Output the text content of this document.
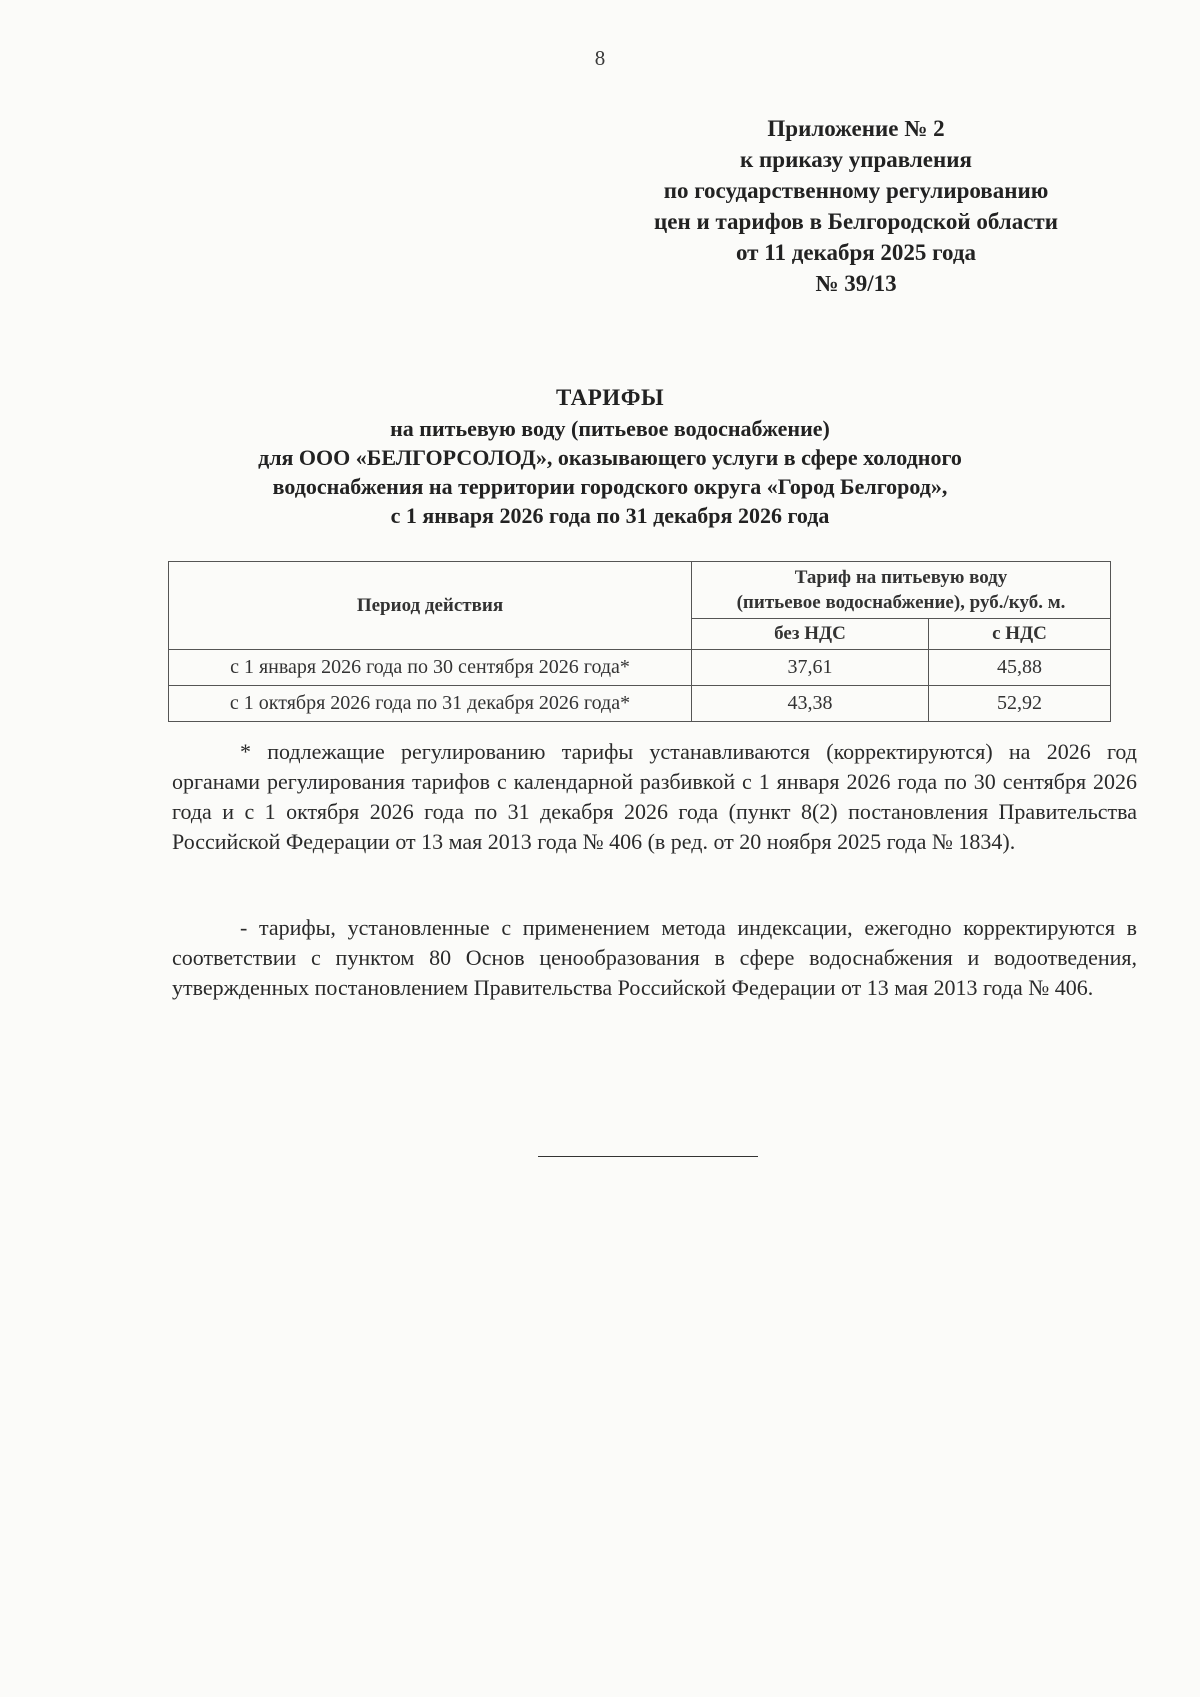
8
Приложение № 2
к приказу управления
по государственному регулированию
цен и тарифов в Белгородской области
от 11 декабря 2025 года
№ 39/13
ТАРИФЫ
на питьевую воду (питьевое водоснабжение)
для ООО «БЕЛГОРСОЛОД», оказывающего услуги в сфере холодного
водоснабжения на территории городского округа «Город Белгород»,
с 1 января 2026 года по 31 декабря 2026 года
Период действия	Тариф на питьевую воду
(питьевое водоснабжение), руб./куб. м.	

	без НДС	с НДС
с 1 января 2026 года по 30 сентября 2026 года*	37,61	45,88
с 1 октября 2026 года по 31 декабря 2026 года*	43,38	52,92

* подлежащие регулированию тарифы устанавливаются (корректируются) на 2026 год органами регулирования тарифов с календарной разбивкой с 1 января 2026 года по 30 сентября 2026 года и с 1 октября 2026 года по 31 декабря 2026 года (пункт 8(2) постановления Правительства Российской Федерации от 13 мая 2013 года № 406 (в ред. от 20 ноября 2025 года № 1834).

- тарифы, установленные с применением метода индексации, ежегодно корректируются в соответствии с пунктом 80 Основ ценообразования в сфере водоснабжения и водоотведения, утвержденных постановлением Правительства Российской Федерации от 13 мая 2013 года № 406.
